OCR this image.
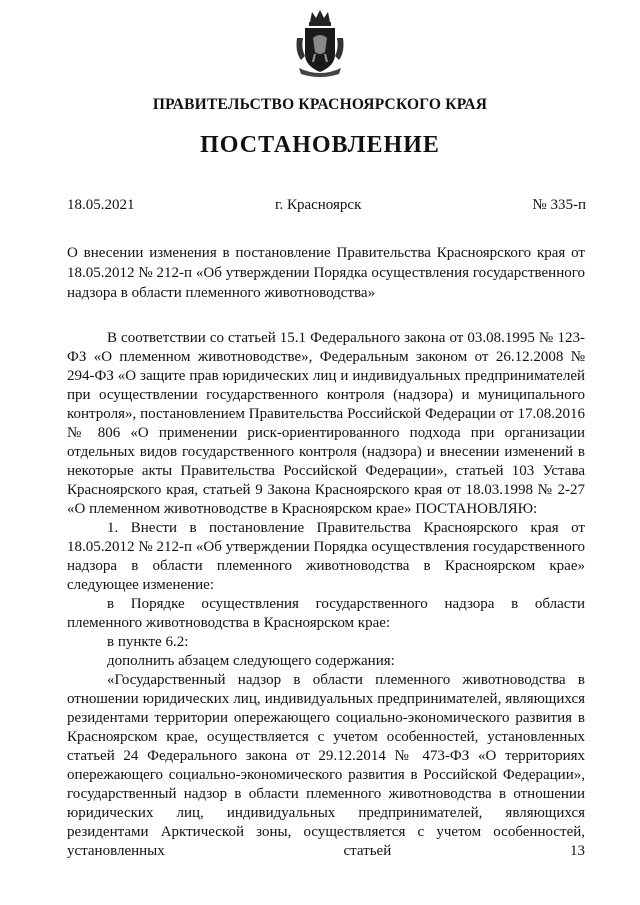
ПРАВИТЕЛЬСТВО КРАСНОЯРСКОГО КРАЯ
ПОСТАНОВЛЕНИЕ
18.05.2021	г. Красноярск	№ 335-п
О внесении изменения в постановление Правительства Красноярского края от 18.05.2012 № 212-п «Об утверждении Порядка осуществления государственного надзора в области племенного животноводства»

В соответствии со статьей 15.1 Федерального закона от 03.08.1995 № 123-ФЗ «О племенном животноводстве», Федеральным законом от 26.12.2008 № 294-ФЗ «О защите прав юридических лиц и индивидуальных предпринимателей при осуществлении государственного контроля (надзора) и муниципального контроля», постановлением Правительства Российской Федерации от 17.08.2016 № 806 «О применении риск-ориентированного подхода при организации отдельных видов государственного контроля (надзора) и внесении изменений в некоторые акты Правительства Российской Федерации», статьей 103 Устава Красноярского края, статьей 9 Закона Красноярского края от 18.03.1998 № 2-27 «О племенном животноводстве в Красноярском крае» ПОСТАНОВЛЯЮ:

1. Внести в постановление Правительства Красноярского края от 18.05.2012 № 212-п «Об утверждении Порядка осуществления государственного надзора в области племенного животноводства в Красноярском крае» следующее изменение:

в Порядке осуществления государственного надзора в области племенного животноводства в Красноярском крае:

в пункте 6.2:

дополнить абзацем следующего содержания:

«Государственный надзор в области племенного животноводства в отношении юридических лиц, индивидуальных предпринимателей, являющихся резидентами территории опережающего социально-экономического развития в Красноярском крае, осуществляется с учетом особенностей, установленных статьей 24 Федерального закона от 29.12.2014 № 473-ФЗ «О территориях опережающего социально-экономического развития в Российской Федерации», государственный надзор в области племенного животноводства в отношении юридических лиц, индивидуальных предпринимателей, являющихся резидентами Арктической зоны, осуществляется с учетом особенностей, установленных статьей 13
